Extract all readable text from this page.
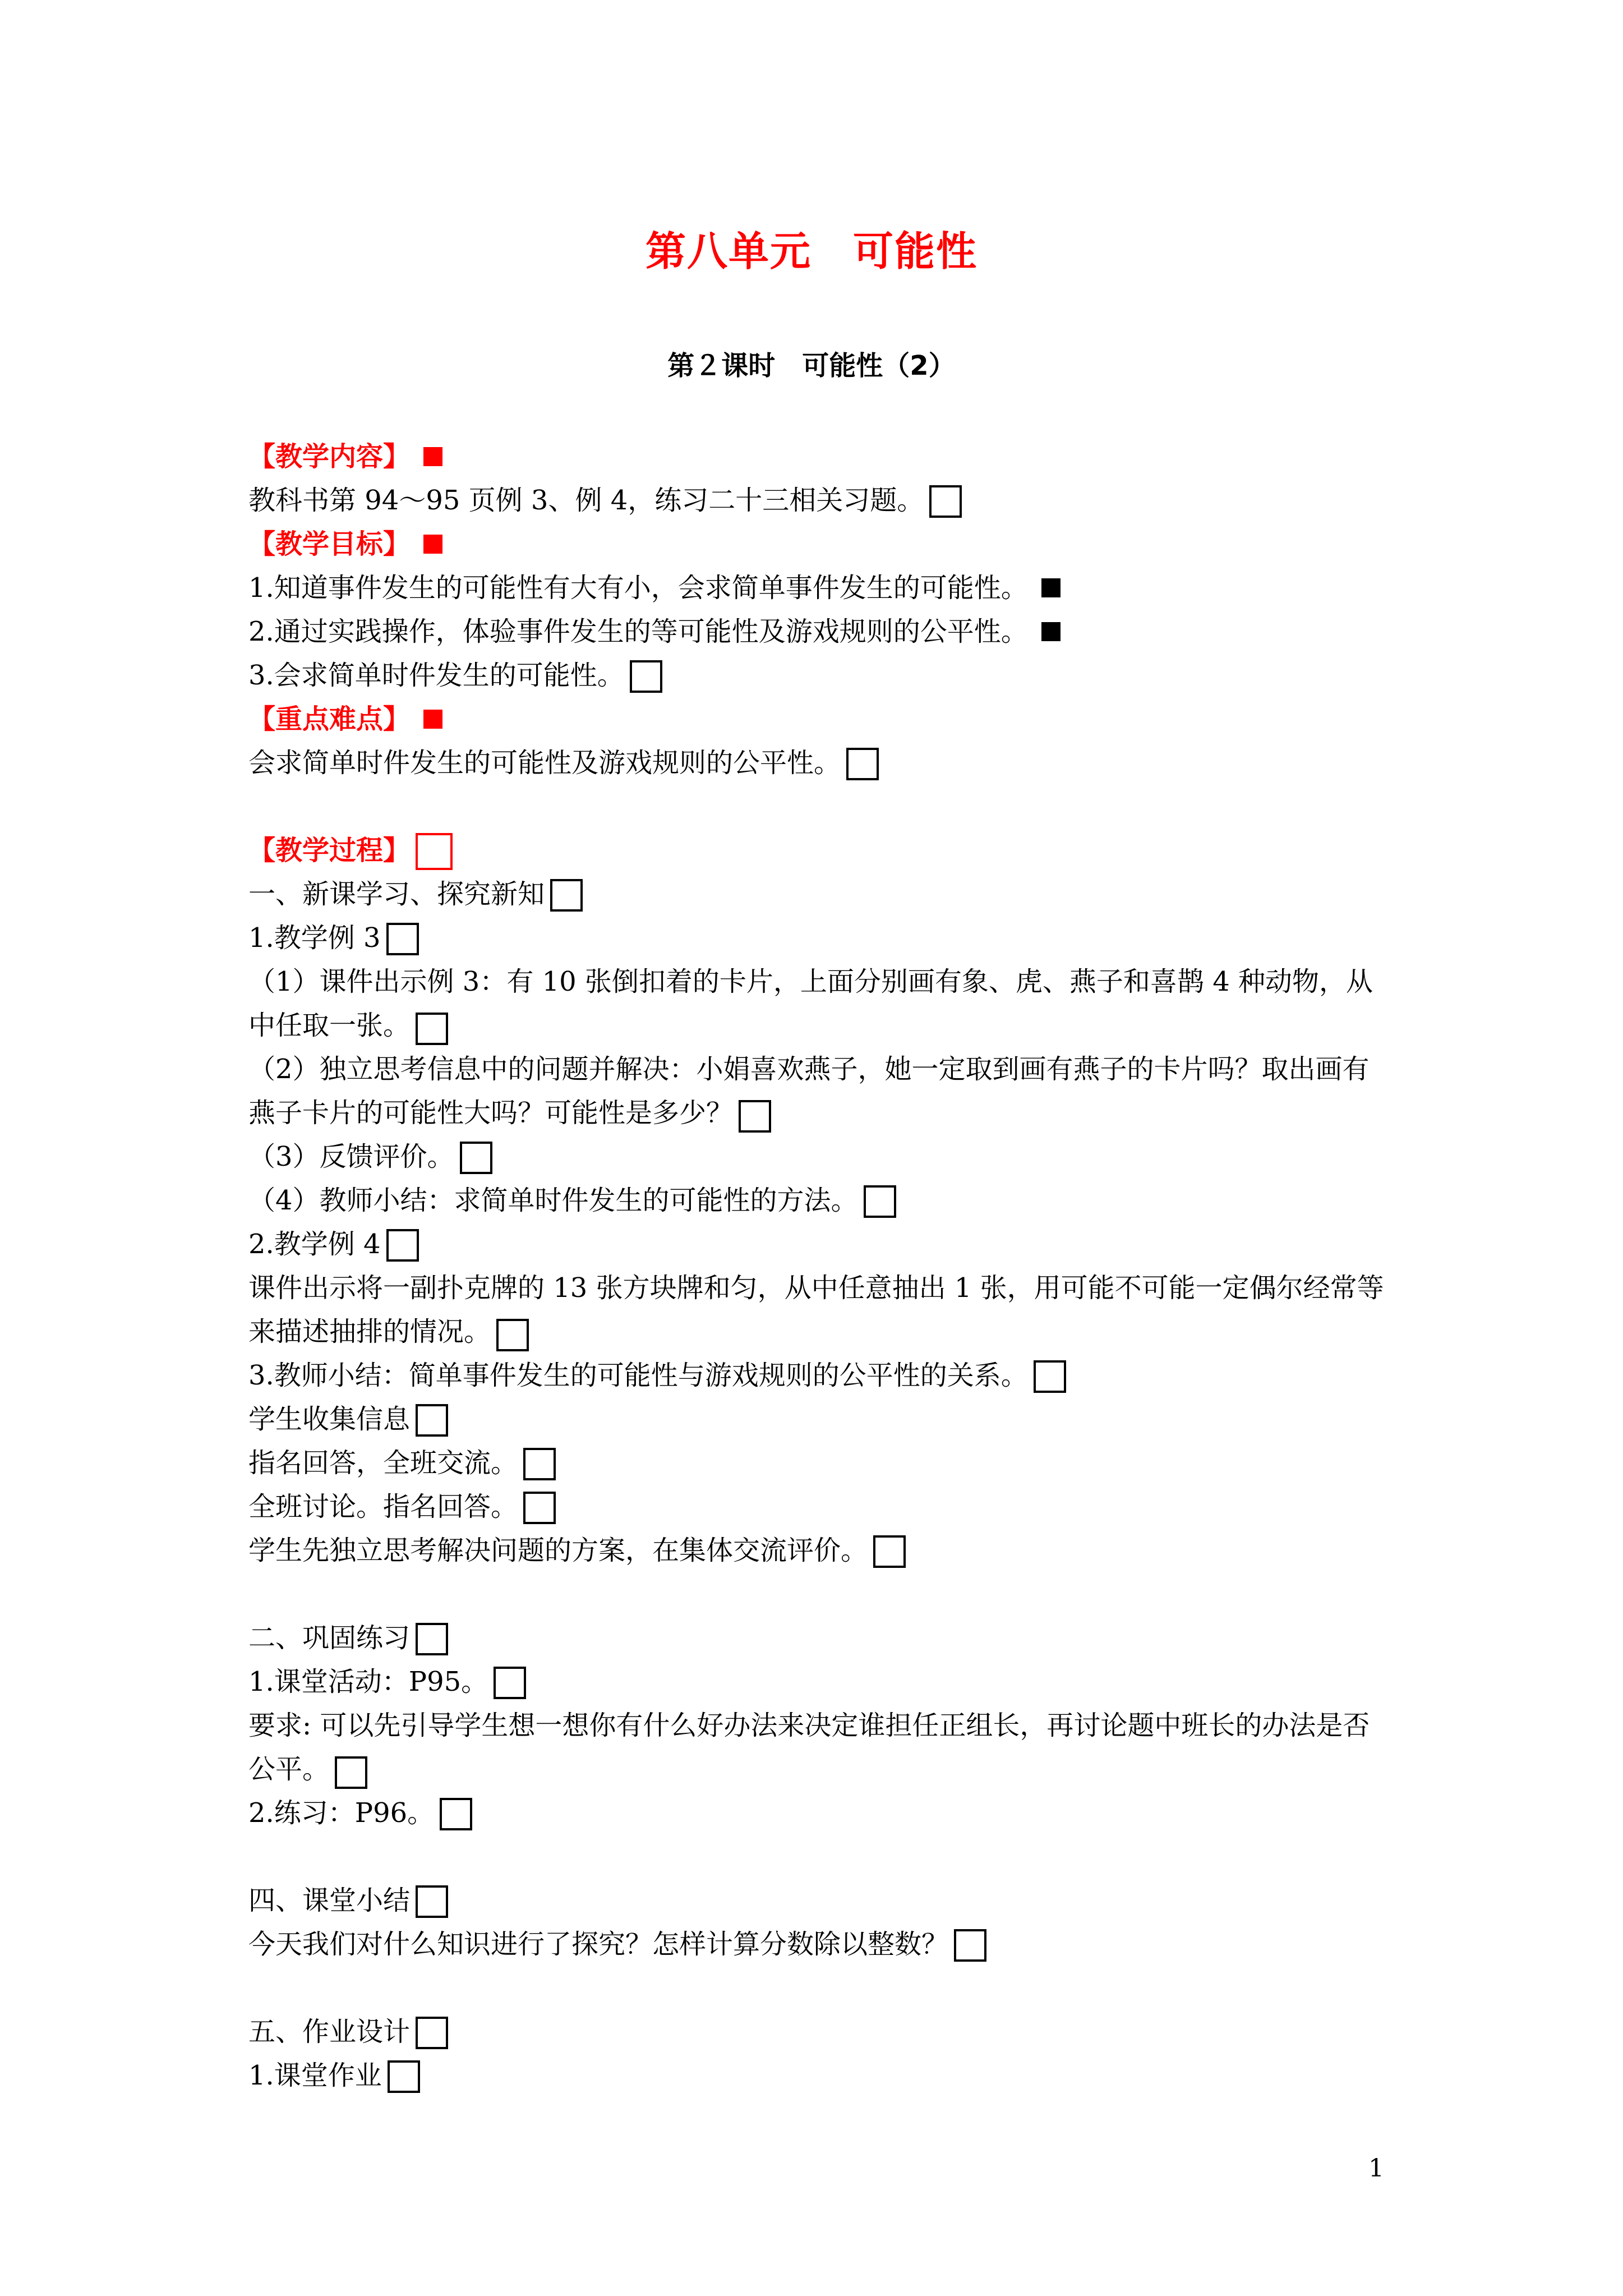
第八单元　可能性
第２课时　可能性（2）
【教学内容】
教科书第 94～95 页例 3、例 4，练习二十三相关习题。
【教学目标】
1.知道事件发生的可能性有大有小，会求简单事件发生的可能性。
2.通过实践操作，体验事件发生的等可能性及游戏规则的公平性。
3.会求简单时件发生的可能性。
【重点难点】
会求简单时件发生的可能性及游戏规则的公平性。
【教学过程】
一、新课学习、探究新知
1.教学例 3
（1）课件出示例 3：有 10 张倒扣着的卡片，上面分别画有象、虎、燕子和喜鹊 4 种动物，从中任取一张。
（2）独立思考信息中的问题并解决：小娟喜欢燕子，她一定取到画有燕子的卡片吗？取出画有燕子卡片的可能性大吗？可能性是多少？
（3）反馈评价。
（4）教师小结：求简单时件发生的可能性的方法。
2.教学例 4
课件出示将一副扑克牌的 13 张方块牌和匀，从中任意抽出 1 张，用可能不可能一定偶尔经常等来描述抽排的情况。
3.教师小结：简单事件发生的可能性与游戏规则的公平性的关系。
学生收集信息
指名回答，全班交流。
全班讨论。指名回答。
学生先独立思考解决问题的方案，在集体交流评价。
二、巩固练习
1.课堂活动：P95。
要求: 可以先引导学生想一想你有什么好办法来决定谁担任正组长，再讨论题中班长的办法是否公平。
2.练习：P96。
四、课堂小结
今天我们对什么知识进行了探究？怎样计算分数除以整数？
五、作业设计
1.课堂作业
1
